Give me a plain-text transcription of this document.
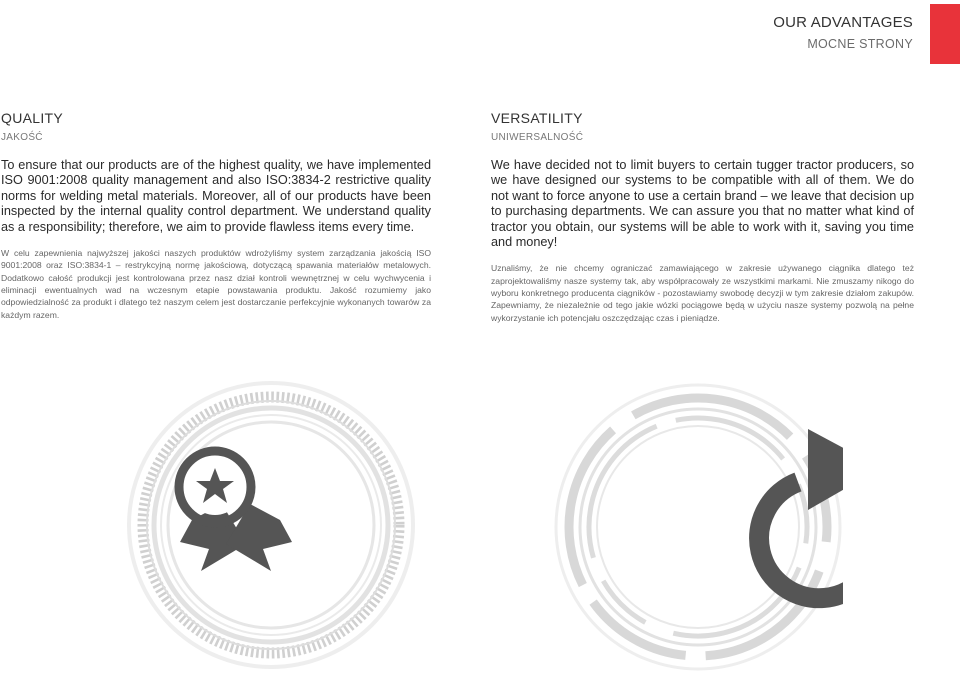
OUR ADVANTAGES
MOCNE STRONY
QUALITY
JAKOŚĆ
To ensure that our products are of the highest quality, we have implemented ISO 9001:2008 quality management and also ISO:3834-2 restrictive quality norms for welding metal materials. Moreover, all of our products have been inspected by the internal quality control department. We understand quality as a responsibility; therefore, we aim to provide flawless items every time.
W celu zapewnienia najwyższej jakości naszych produktów wdrożyliśmy system zarządzania jakością ISO 9001:2008 oraz ISO:3834-1 – restrykcyjną normę jakościową, dotyczącą spawania materiałów metalowych. Dodatkowo całość produkcji jest kontrolowana przez nasz dział kontroli wewnętrznej w celu wychwycenia i eliminacji ewentualnych wad na wczesnym etapie powstawania produktu. Jakość rozumiemy jako odpowiedzialność za produkt i dlatego też naszym celem jest dostarczanie perfekcyjnie wykonanych towarów za każdym razem.
VERSATILITY
UNIWERSALNOŚĆ
We have decided not to limit buyers to certain tugger tractor producers, so we have designed our systems to be compatible with all of them. We do not want to force anyone to use a certain brand – we leave that decision up to purchasing departments. We can assure you that no matter what kind of tractor you obtain, our systems will be able to work with it, saving you time and money!
Uznaliśmy, że nie chcemy ograniczać zamawiającego w zakresie używanego ciągnika dlatego też zaprojektowaliśmy nasze systemy tak, aby współpracowały ze wszystkimi markami. Nie zmuszamy nikogo do wyboru konkretnego producenta ciągników - pozostawiamy swobodę decyzji w tym zakresie działom zakupów. Zapewniamy, że niezależnie od tego jakie wózki pociągowe będą w użyciu nasze systemy pozwolą na pełne wykorzystanie ich potencjału oszczędzając czas i pieniądze.
